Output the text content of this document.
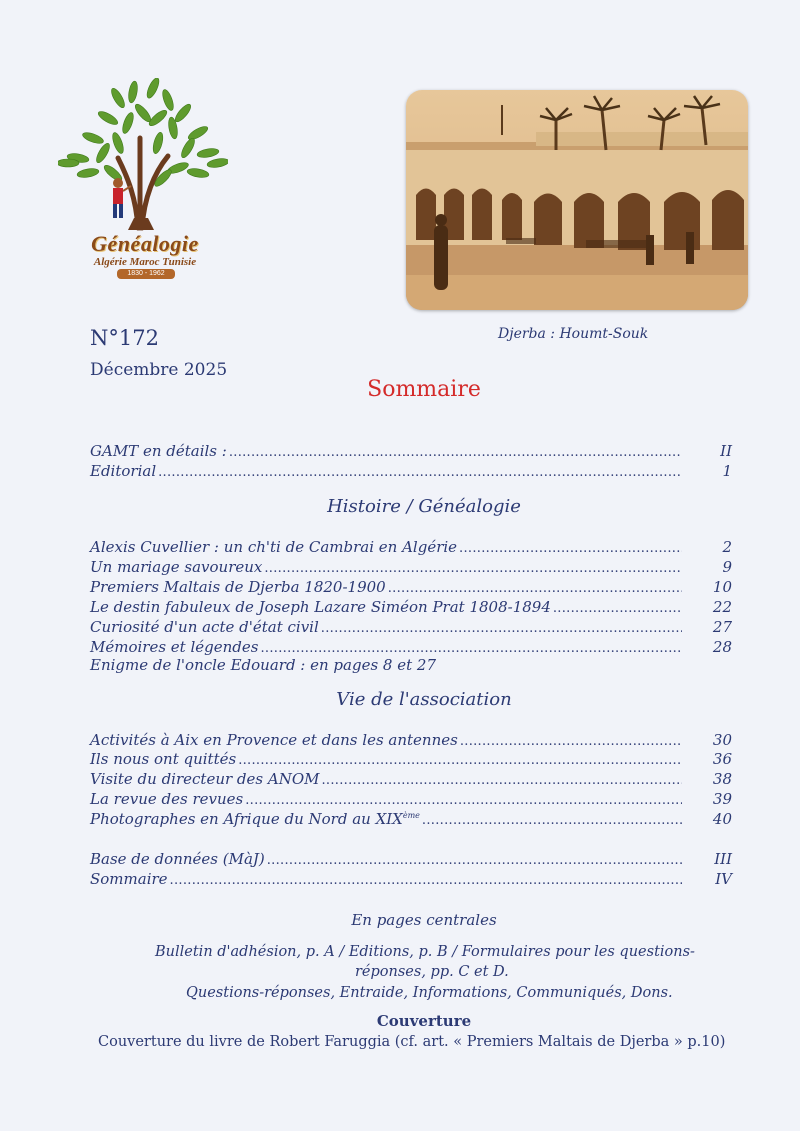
Généalogie
Algérie Maroc Tunisie
1830 - 1962
Djerba : Houmt-Souk
N°172
Décembre 2025
Sommaire
GAMT en détails : .....	II
Editorial .....	1
Histoire / Généalogie
Alexis Cuvellier : un ch'ti de Cambrai en Algérie .....	2
Un mariage savoureux .....	9
Premiers Maltais de Djerba 1820-1900 .....	10
Le destin fabuleux de Joseph Lazare Siméon Prat 1808-1894 .....	22
Curiosité d'un acte d'état civil .....	27
Mémoires et légendes .....	28
Enigme de l'oncle Edouard : en pages 8 et 27
Vie de l'association
Activités à Aix en Provence et dans les antennes .....	30
Ils nous ont quittés .....	36
Visite du directeur des ANOM .....	38
La revue des revues .....	39
Photographes en Afrique du Nord au XIXème .....	40
Base de données (MàJ) .....	III
Sommaire .....	IV
En pages centrales
Bulletin d'adhésion, p. A / Editions, p. B / Formulaires pour les questions-
réponses, pp. C et D.
Questions-réponses, Entraide, Informations, Communiqués, Dons.
Couverture
Couverture du livre de Robert Faruggia (cf. art. « Premiers Maltais de Djerba » p.10)
